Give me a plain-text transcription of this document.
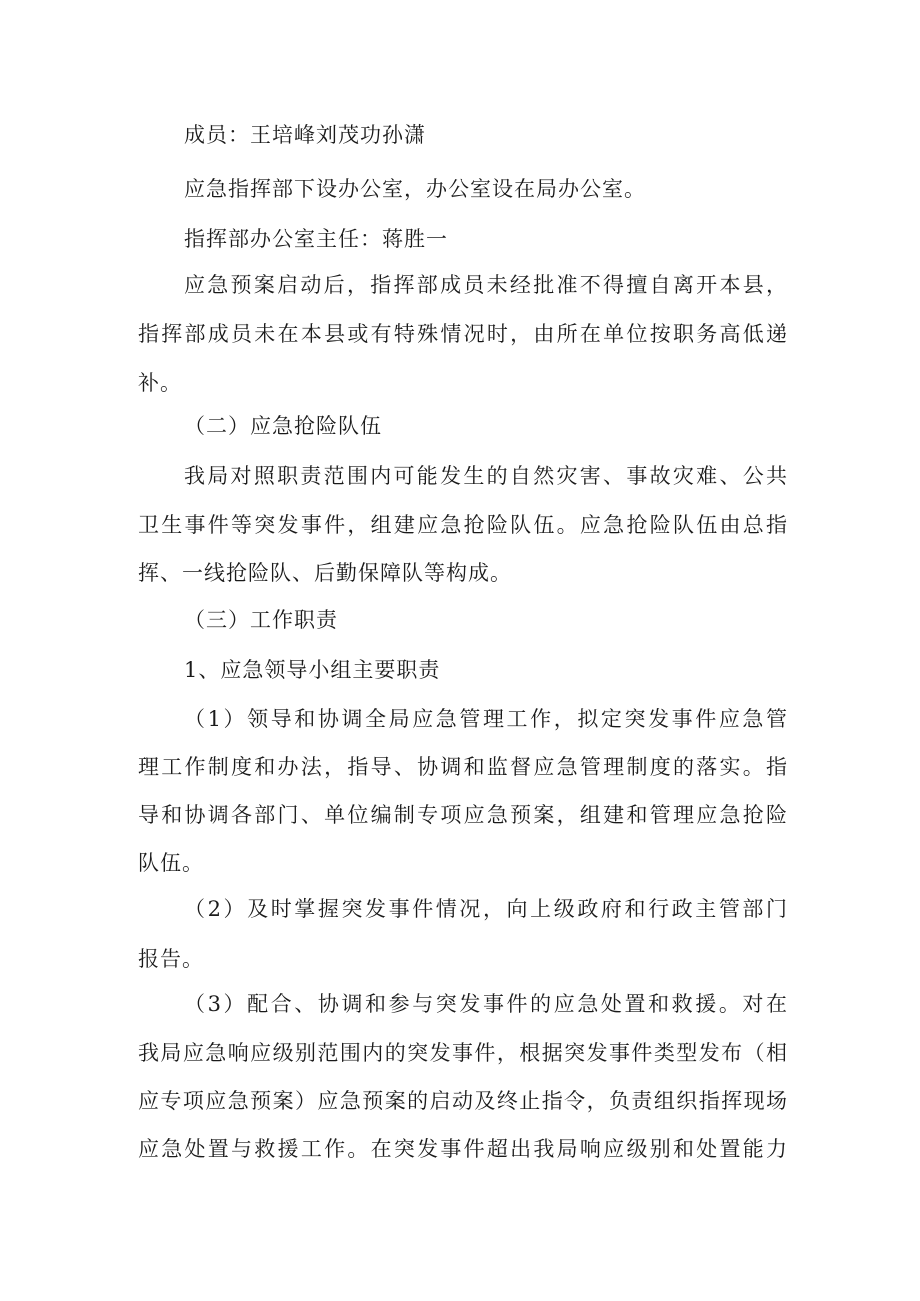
成员：王培峰刘茂功孙潇
应急指挥部下设办公室，办公室设在局办公室。
指挥部办公室主任：蒋胜一
应急预案启动后，指挥部成员未经批准不得擅自离开本县，
指挥部成员未在本县或有特殊情况时，由所在单位按职务高低递
补。
（二）应急抢险队伍
我局对照职责范围内可能发生的自然灾害、事故灾难、公共
卫生事件等突发事件，组建应急抢险队伍。应急抢险队伍由总指
挥、一线抢险队、后勤保障队等构成。
（三）工作职责
1、应急领导小组主要职责
（1）领导和协调全局应急管理工作，拟定突发事件应急管
理工作制度和办法，指导、协调和监督应急管理制度的落实。指
导和协调各部门、单位编制专项应急预案，组建和管理应急抢险
队伍。
（2）及时掌握突发事件情况，向上级政府和行政主管部门
报告。
（3）配合、协调和参与突发事件的应急处置和救援。对在
我局应急响应级别范围内的突发事件，根据突发事件类型发布（相
应专项应急预案）应急预案的启动及终止指令，负责组织指挥现场
应急处置与救援工作。在突发事件超出我局响应级别和处置能力
